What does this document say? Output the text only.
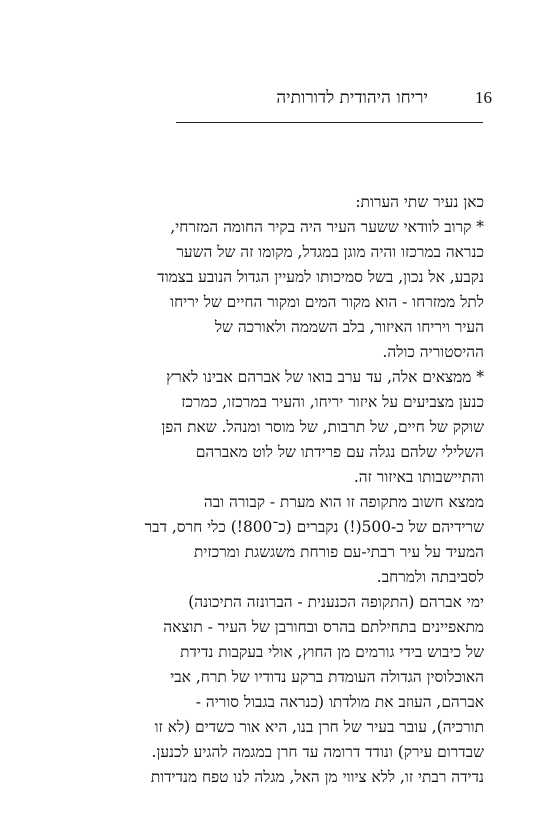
יריחו היהודית לדורותיה	16
כאן נעיר שתי הערות:
* קרוב לוודאי ששער העיר היה בקיר החומה המזרחי,
כנראה במרכזו והיה מוגן במגדל, מקומו זה של השער
נקבע, אל נכון, בשל סמיכותו למעיין הגדול הנובע בצמוד
לתל ממזרחו - הוא מקור המים ומקור החיים של יריחו
העיר ויריחו האיזור, בלב השממה ולאורכה של
ההיסטוריה כולה.
* ממצאים אלה, עד ערב בואו של אברהם אבינו לארץ
כנען מצביעים על איזור יריחו, והעיר במרכזו, כמרכז
שוקק של חיים, של תרבות, של מוסר ומנהל. שאת הפן
השלילי שלהם נגלה עם פרידתו של לוט מאברהם
והתיישבותו באיזור זה.
ממצא חשוב מתקופה זו הוא מערת - קבורה ובה
שרידיהם של כ-500(!) נקברים (כ־800!) כלי חרס, דבר
המעיד על עיר רבתי-עם פורחת משגשגת ומרכזית
לסביבתה ולמרחב.
ימי אברהם (התקופה הכנענית - הברונזה התיכונה)
מתאפיינים בתחילתם בהרס ובחורבן של העיר - תוצאה
של כיבוש בידי גורמים מן החוץ, אולי בעקבות נדידת
האוכלוסין הגדולה העומדת ברקע נדודיו של תרח, אבי
אברהם, העוזב את מולדתו (כנראה בגבול סוריה -
תורכיה), עובר בעיר של חרן בנו, היא אור כשדים (לא זו
שבדרום עירק) ונודד דרומה עד חרן במגמה להגיע לכנען.
נדידה רבתי זו, ללא ציווי מן האל, מגלה לנו טפח מנדידות
